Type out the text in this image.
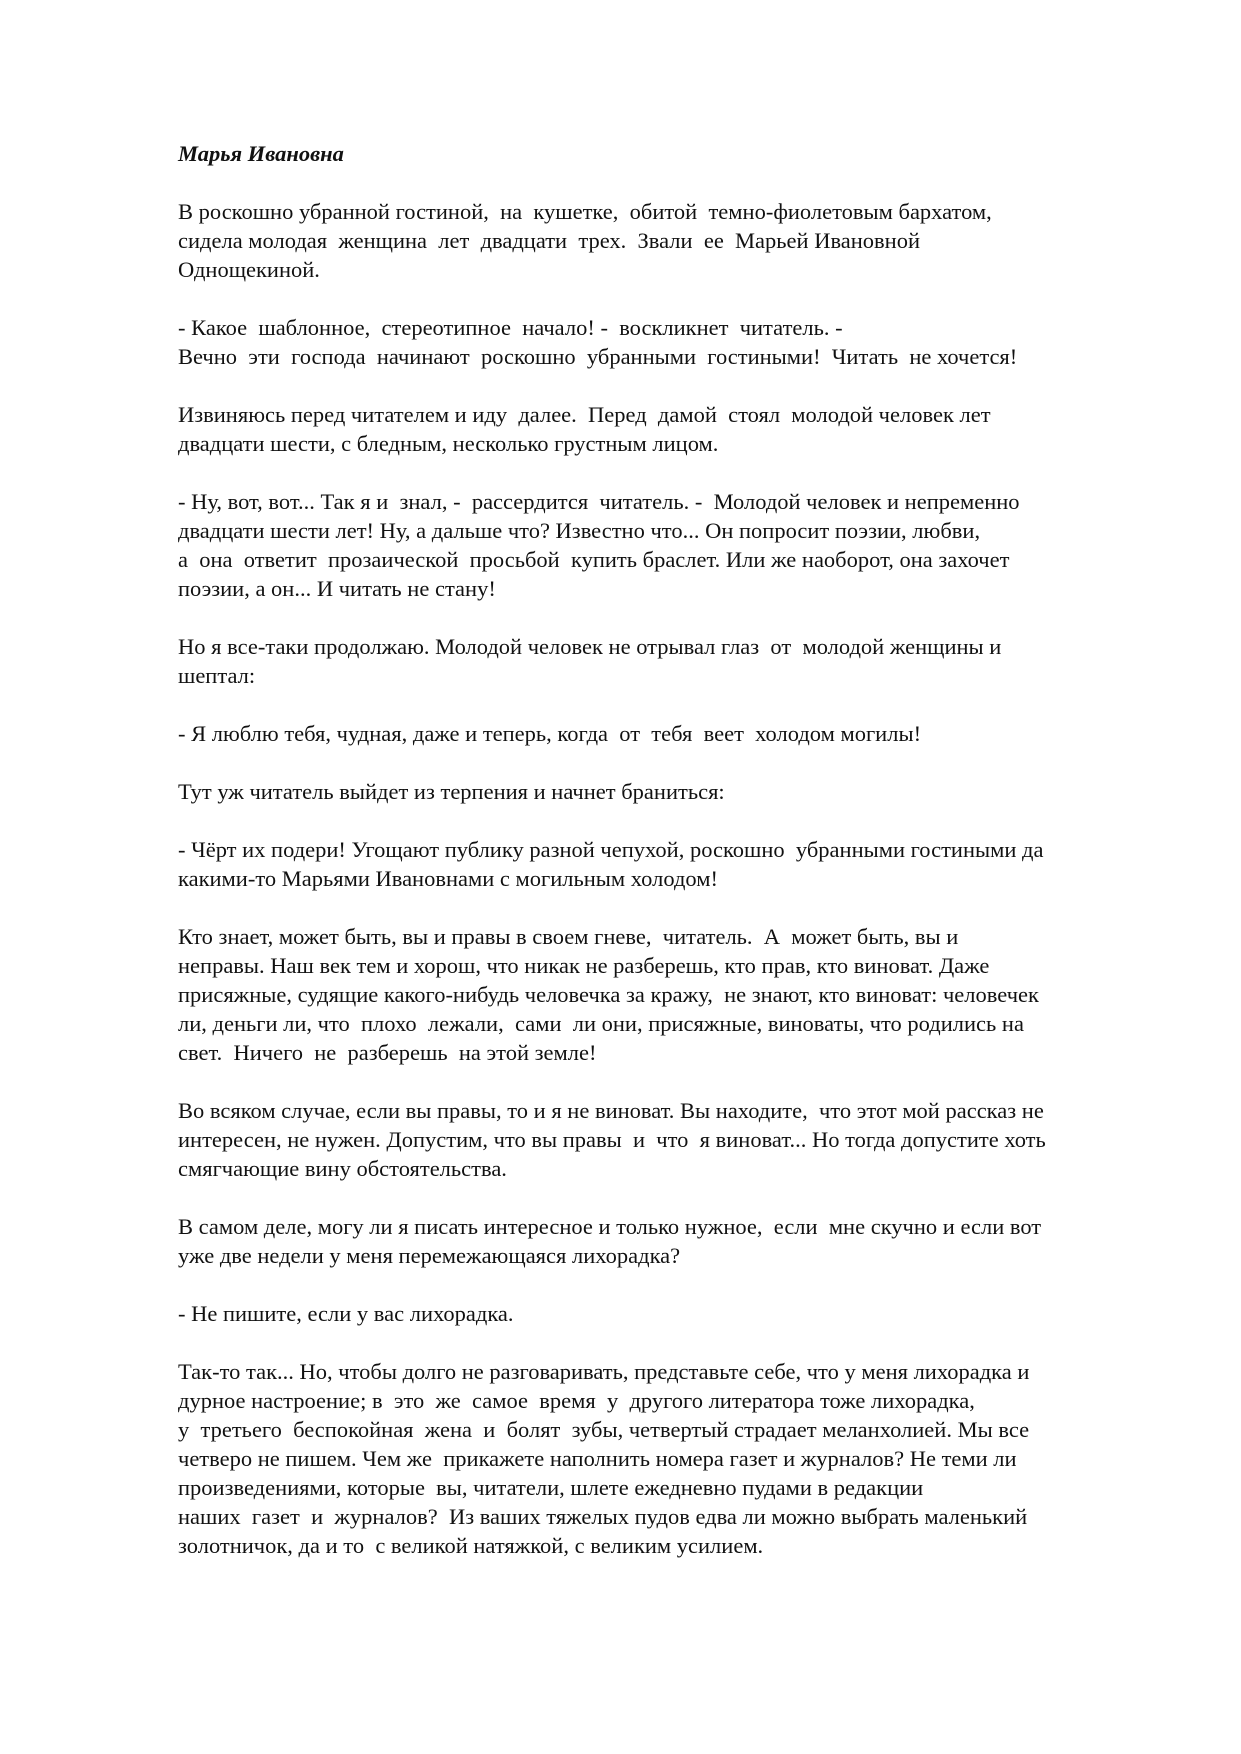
Марья Ивановна
В роскошно убранной гостиной,  на  кушетке,  обитой  темно-фиолетовым бархатом,
сидела молодая  женщина  лет  двадцати  трех.  Звали  ее  Марьей Ивановной
Однощекиной.
- Какое  шаблонное,  стереотипное  начало! -  воскликнет  читатель. -
Вечно  эти  господа  начинают  роскошно  убранными  гостиными!  Читать  не хочется!
Извиняюсь перед читателем и иду  далее.  Перед  дамой  стоял  молодой человек лет
двадцати шести, с бледным, несколько грустным лицом.
- Ну, вот, вот... Так я и  знал, -  рассердится  читатель. -  Молодой человек и непременно
двадцати шести лет! Ну, а дальше что? Известно что... Он попросит поэзии, любви,
а  она  ответит  прозаической  просьбой  купить браслет. Или же наоборот, она захочет
поэзии, а он... И читать не стану!
Но я все-таки продолжаю. Молодой человек не отрывал глаз  от  молодой женщины и
шептал:
- Я люблю тебя, чудная, даже и теперь, когда  от  тебя  веет  холодом могилы!
Тут уж читатель выйдет из терпения и начнет браниться:
- Чёрт их подери! Угощают публику разной чепухой, роскошно  убранными гостиными да
какими-то Марьями Ивановнами с могильным холодом!
Кто знает, может быть, вы и правы в своем гневе,  читатель.  А  может быть, вы и
неправы. Наш век тем и хорош, что никак не разберешь, кто прав, кто виноват. Даже
присяжные, судящие какого-нибудь человечка за кражу,  не знают, кто виноват: человечек
ли, деньги ли, что  плохо  лежали,  сами  ли они, присяжные, виноваты, что родились на
свет.  Ничего  не  разберешь  на этой земле!
Во всяком случае, если вы правы, то и я не виноват. Вы находите,  что этот мой рассказ не
интересен, не нужен. Допустим, что вы правы  и  что  я виноват... Но тогда допустите хоть
смягчающие вину обстоятельства.
В самом деле, могу ли я писать интересное и только нужное,  если  мне скучно и если вот
уже две недели у меня перемежающаяся лихорадка?
- Не пишите, если у вас лихорадка.
Так-то так... Но, чтобы долго не разговаривать, представьте себе, что у меня лихорадка и
дурное настроение; в  это  же  самое  время  у  другого литератора тоже лихорадка,
у  третьего  беспокойная  жена  и  болят  зубы, четвертый страдает меланхолией. Мы все
четверо не пишем. Чем же  прикажете наполнить номера газет и журналов? Не теми ли
произведениями, которые  вы, читатели, шлете ежедневно пудами в редакции
наших  газет  и  журналов?  Из ваших тяжелых пудов едва ли можно выбрать маленький
золотничок, да и то  с великой натяжкой, с великим усилием.
